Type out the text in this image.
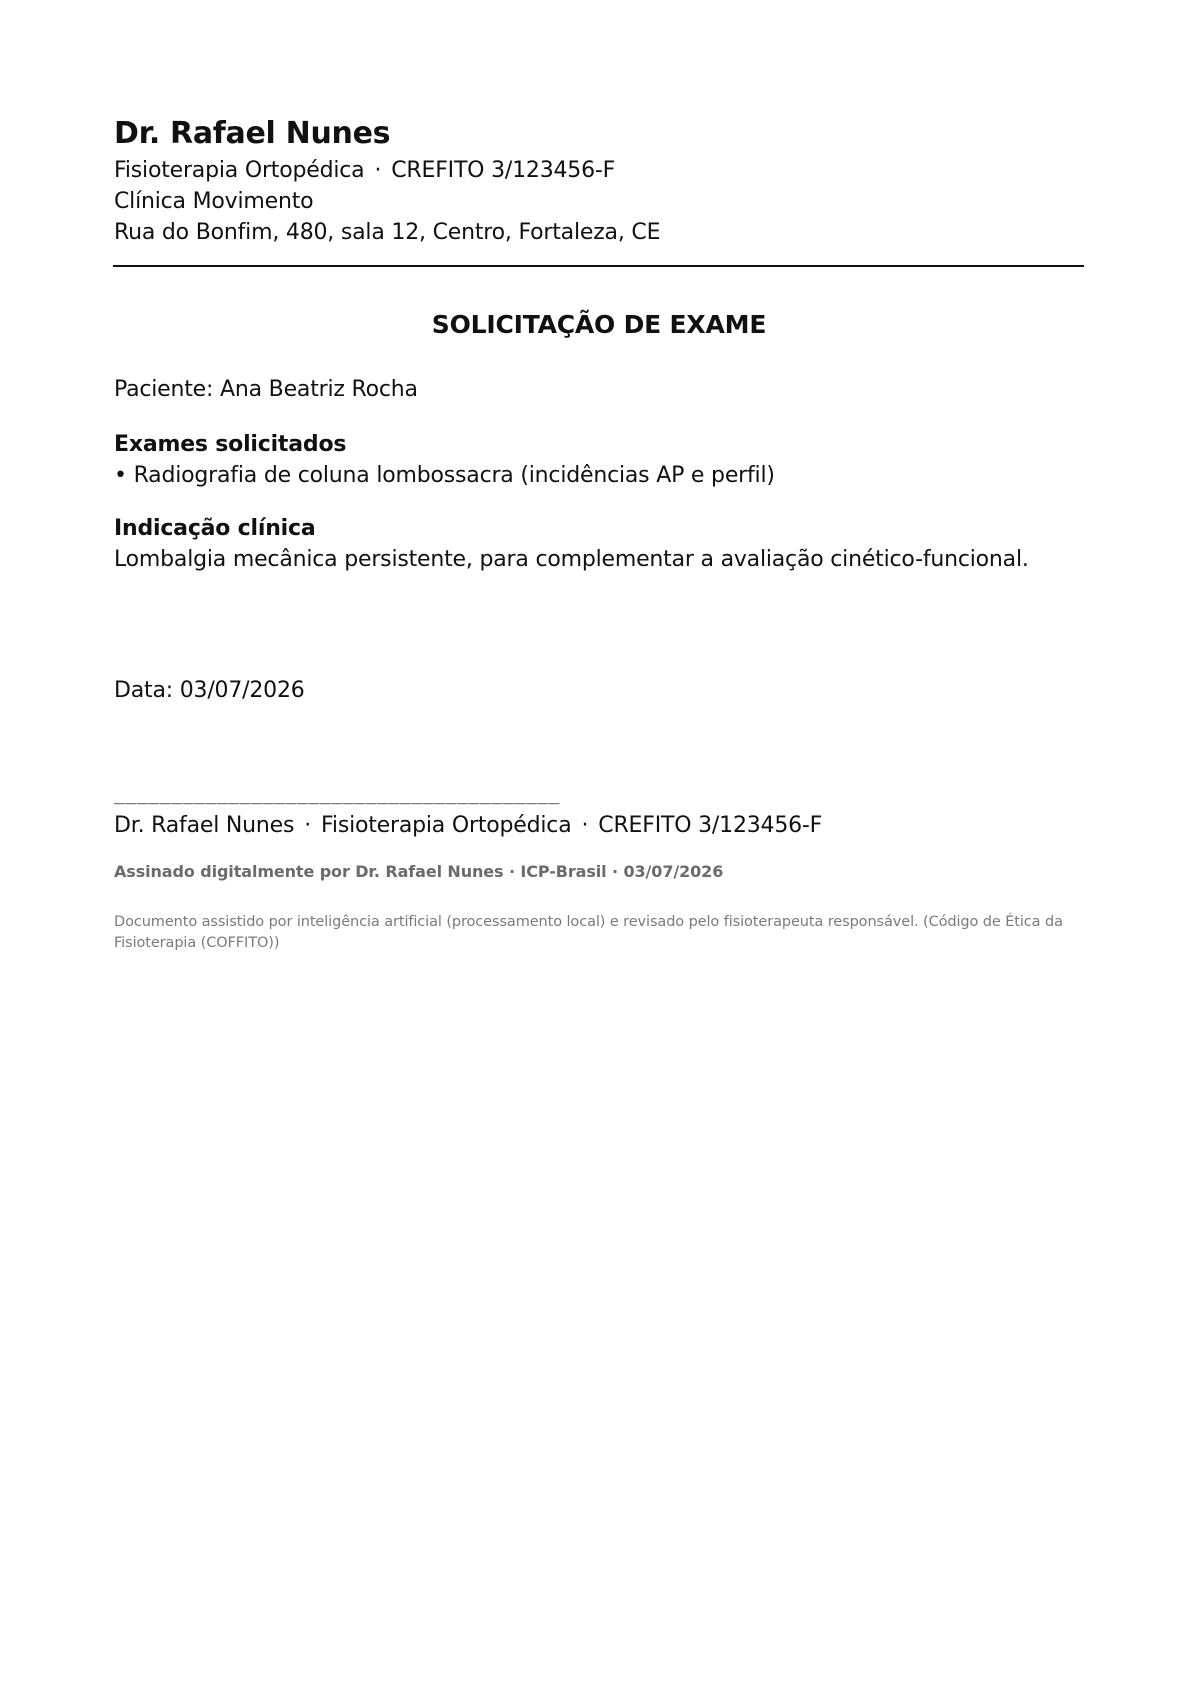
Dr. Rafael Nunes
Fisioterapia Ortopédica · CREFITO 3/123456-F
Clínica Movimento
Rua do Bonfim, 480, sala 12, Centro, Fortaleza, CE
SOLICITAÇÃO DE EXAME
Paciente: Ana Beatriz Rocha
Exames solicitados
• Radiografia de coluna lombossacra (incidências AP e perfil)
Indicação clínica
Lombalgia mecânica persistente, para complementar a avaliação cinético-funcional.
Data: 03/07/2026
_______________________________________
Dr. Rafael Nunes · Fisioterapia Ortopédica · CREFITO 3/123456-F
Assinado digitalmente por Dr. Rafael Nunes · ICP-Brasil · 03/07/2026
Documento assistido por inteligência artificial (processamento local) e revisado pelo fisioterapeuta responsável. (Código de Ética da Fisioterapia (COFFITO))
